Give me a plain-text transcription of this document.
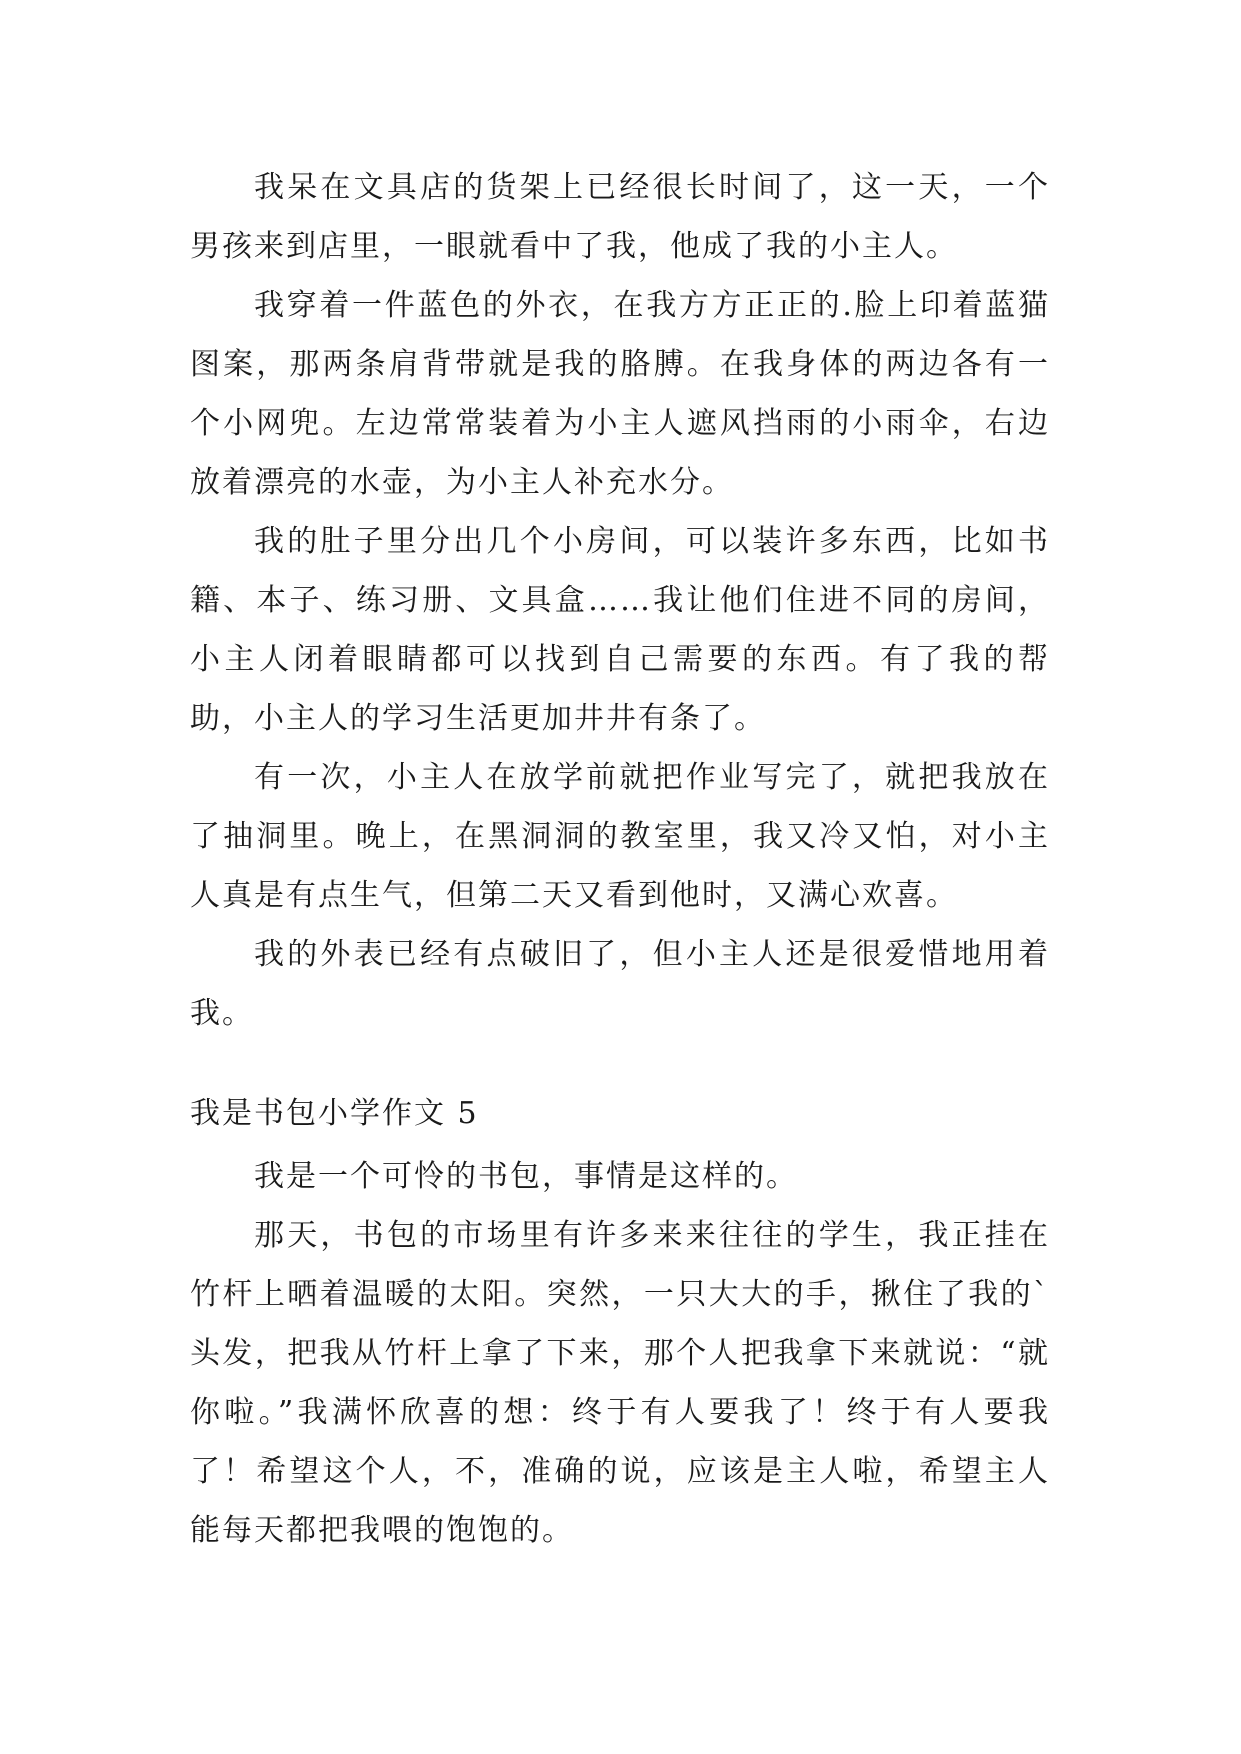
我呆在文具店的货架上已经很长时间了，这一天，一个男孩来到店里，一眼就看中了我，他成了我的小主人。

我穿着一件蓝色的外衣，在我方方正正的.脸上印着蓝猫图案，那两条肩背带就是我的胳膊。在我身体的两边各有一个小网兜。左边常常装着为小主人遮风挡雨的小雨伞，右边放着漂亮的水壶，为小主人补充水分。

我的肚子里分出几个小房间，可以装许多东西，比如书籍、本子、练习册、文具盒……我让他们住进不同的房间，小主人闭着眼睛都可以找到自己需要的东西。有了我的帮助，小主人的学习生活更加井井有条了。

有一次，小主人在放学前就把作业写完了，就把我放在了抽洞里。晚上，在黑洞洞的教室里，我又冷又怕，对小主人真是有点生气，但第二天又看到他时，又满心欢喜。

我的外表已经有点破旧了，但小主人还是很爱惜地用着我。

我是书包小学作文 5

我是一个可怜的书包，事情是这样的。

那天，书包的市场里有许多来来往往的学生，我正挂在竹杆上晒着温暖的太阳。突然，一只大大的手，揪住了我的`头发，把我从竹杆上拿了下来，那个人把我拿下来就说：“就你啦。”我满怀欣喜的想：终于有人要我了！终于有人要我了！希望这个人，不，准确的说，应该是主人啦，希望主人能每天都把我喂的饱饱的。
